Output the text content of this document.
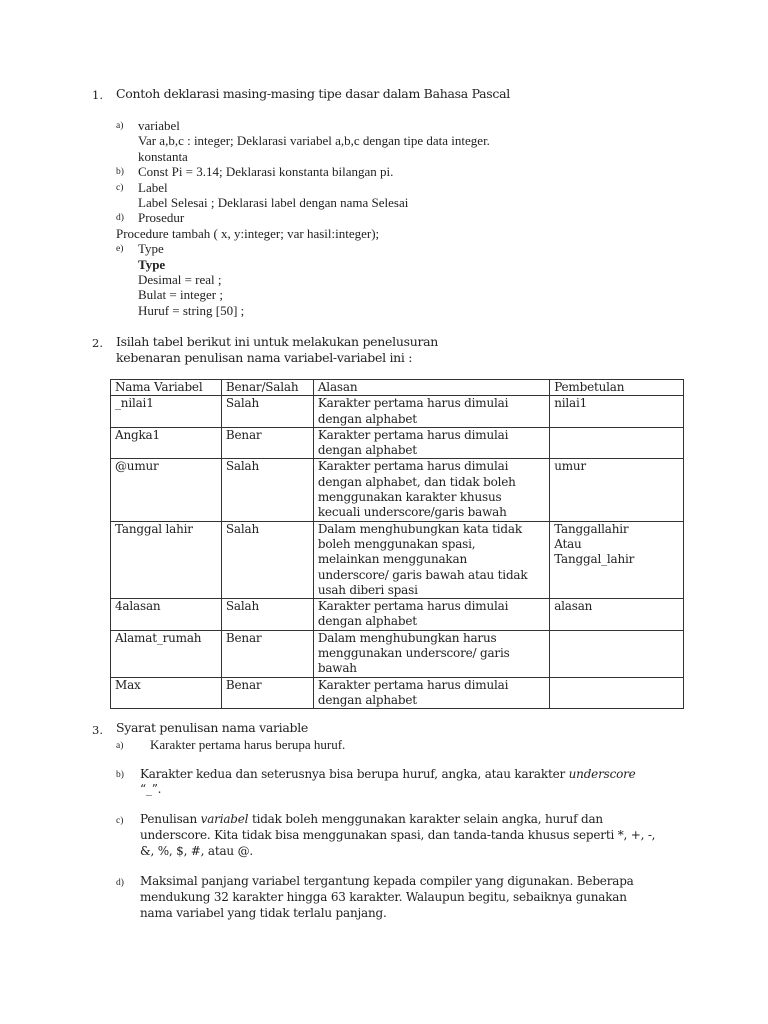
1. Contoh deklarasi masing-masing tipe dasar dalam Bahasa Pascal
a) variabel
Var a,b,c : integer; Deklarasi variabel a,b,c dengan tipe data integer.
konstanta
b) Const Pi = 3.14; Deklarasi konstanta bilangan pi.
c) Label
Label Selesai ; Deklarasi label dengan nama Selesai
d) Prosedur
Procedure tambah ( x, y:integer; var hasil:integer);
e) Type
Type
Desimal = real ;
Bulat = integer ;
Huruf = string [50] ;
2. Isilah tabel berikut ini untuk melakukan penelusuran
kebenaran penulisan nama variabel-variabel ini :
Nama Variabel	Benar/Salah	Alasan	Pembetulan
_nilai1	Salah	Karakter pertama harus dimulai
dengan alphabet	nilai1
Angka1	Benar	Karakter pertama harus dimulai
dengan alphabet	
@umur	Salah	Karakter pertama harus dimulai
dengan alphabet, dan tidak boleh
menggunakan karakter khusus
kecuali underscore/garis bawah	umur
Tanggal lahir	Salah	Dalam menghubungkan kata tidak
boleh menggunakan spasi,
melainkan menggunakan
underscore/ garis bawah atau tidak
usah diberi spasi	Tanggallahir
Atau
Tanggal_lahir
4alasan	Salah	Karakter pertama harus dimulai
dengan alphabet	alasan
Alamat_rumah	Benar	Dalam menghubungkan harus
menggunakan underscore/ garis
bawah	
Max	Benar	Karakter pertama harus dimulai
dengan alphabet	
3. Syarat penulisan nama variable
a) Karakter pertama harus berupa huruf.
b) Karakter kedua dan seterusnya bisa berupa huruf, angka, atau karakter underscore
“_”.
c) Penulisan variabel tidak boleh menggunakan karakter selain angka, huruf dan
underscore. Kita tidak bisa menggunakan spasi, dan tanda-tanda khusus seperti *, +, -,
&, %, $, #, atau @.
d) Maksimal panjang variabel tergantung kepada compiler yang digunakan. Beberapa
mendukung 32 karakter hingga 63 karakter. Walaupun begitu, sebaiknya gunakan
nama variabel yang tidak terlalu panjang.
